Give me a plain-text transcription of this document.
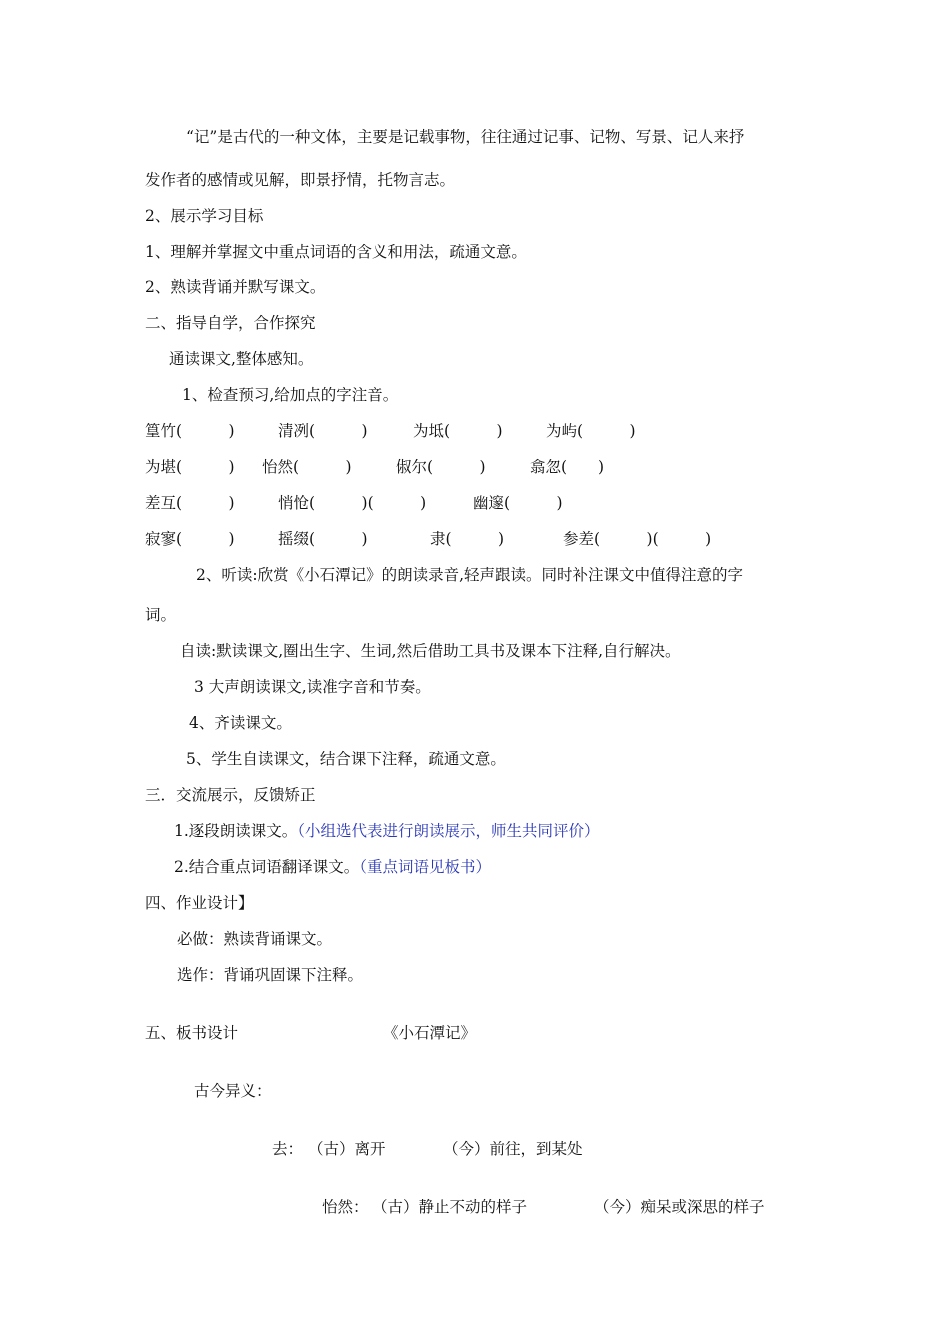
“记”是古代的一种文体，主要是记载事物，往往通过记事、记物、写景、记人来抒

发作者的感情或见解，即景抒情，托物言志。

2、展示学习目标

1、理解并掌握文中重点词语的含义和用法，疏通文意。

2、熟读背诵并默写课文。

二、指导自学，合作探究

通读课文,整体感知。

1、检查预习,给加点的字注音。

篁竹(　　　)	清冽(　　　)	为坻(　　　)	为屿(　　　)

为堪(　　　) 怡然(　　　)	俶尔(　　　)	翕忽(　　)

差互(　　　)	悄怆(　　　)(　　　)	幽邃(　　　)

寂寥(　　　)	摇缀(　　　)	隶(　　　)	参差(　　　)(　　　)

2、听读:欣赏《小石潭记》的朗读录音,轻声跟读。同时补注课文中值得注意的字

词。

自读:默读课文,圈出生字、生词,然后借助工具书及课本下注释,自行解决。

3 大声朗读课文,读准字音和节奏。

4、齐读课文。

5、学生自读课文，结合课下注释，疏通文意。

三．交流展示，反馈矫正

1.逐段朗读课文。（小组选代表进行朗读展示，师生共同评价）

2.结合重点词语翻译课文。（重点词语见板书）

四、作业设计】

必做：熟读背诵课文。

选作：背诵巩固课下注释。

五、板书设计	《小石潭记》

古今异义：

去： （古）离开	（今）前往，到某处

怡然： （古）静止不动的样子	（今）痴呆或深思的样子
